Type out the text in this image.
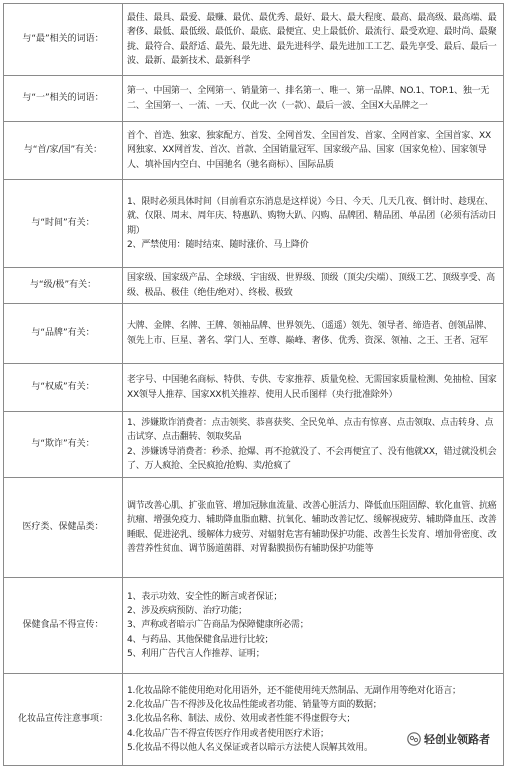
与“最”相关的词语：	最佳、最具、最爱、最赚、最优、最优秀、最好、最大、最大程度、最高、最高级、最高端、最奢侈、最低、最低级、最低价、最底、最便宜、史上最低价、最流行、最受欢迎、最时尚、最聚拢、最符合、最舒适、最先、最先进、最先进科学、最先进加工工艺、最先享受、最后、最后一波、最新、最新技术、最新科学

与“一”相关的词语：	第一、中国第一、全网第一、销量第一、排名第一、唯一、第一品牌、NO.1、TOP.1、独一无二、全国第一、一流、一天、仅此一次（一款）、最后一波、全国X大品牌之一

与“首/家/国”有关：	首个、首选、独家、独家配方、首发、全网首发、全国首发、首家、全网首家、全国首家、XX网独家、XX网首发、首次、首款、全国销量冠军、国家级产品、国家（国家免检）、国家领导人、填补国内空白、中国驰名（驰名商标）、国际品质

与“时间”有关：	1、限时必须具体时间（目前看京东消息是这样说）今日、今天、几天几夜、倒计时、趁现在、就、仅限、周末、周年庆、特惠趴、购物大趴、闪购、品牌团、精品团、单品团（必须有活动日期）
2、严禁使用：随时结束、随时涨价、马上降价

与“级/极”有关：	国家级、国家级产品、全球级、宇宙级、世界级、顶级（顶尖/尖端）、顶级工艺、顶级享受、高级、极品、极佳（绝佳/绝对）、终极、极致

与“品牌”有关：	大牌、金牌、名牌、王牌、领袖品牌、世界领先、（遥遥）领先、领导者、缔造者、创领品牌、领先上市、巨星、著名、掌门人、至尊、巅峰、奢侈、优秀、资深、领袖、之王、王者、冠军

与“权威”有关：	老字号、中国驰名商标、特供、专供、专家推荐、质量免检、无需国家质量检测、免抽检、国家XX领导人推荐、国家XX机关推荐、使用人民币图样（央行批准除外）

与“欺诈”有关：	1、涉嫌欺诈消费者：点击领奖、恭喜获奖、全民免单、点击有惊喜、点击领取、点击转身、点击试穿、点击翻转、领取奖品
2、涉嫌诱导消费者：秒杀、抢爆、再不抢就没了、不会再便宜了、没有他就XX，错过就没机会了、万人疯抢、全民疯抢/抢购、卖/抢疯了

医疗类、保健品类：	调节改善心肌、扩张血管、增加冠脉血流量、改善心脏活力、降低血压阻固醇、软化血管、抗癌抗瘤、增强免疫力、辅助降血脂血糖、抗氧化、辅助改善记忆、缓解视疲劳、辅助降血压、改善睡眠、促进泌乳、缓解体力疲劳、对辐射危害有辅助保护功能、改善生长发育、增加骨密度、改善营养性贫血、调节肠道菌群、对胃黏膜损伤有辅助保护功能等

保健食品不得宣传：	1、表示功效、安全性的断言或者保证；
2、涉及疾病预防、治疗功能；
3、声称或者暗示广告商品为保障健康所必需；
4、与药品、其他保健食品进行比较；
5、利用广告代言人作推荐、证明；

化妆品宣传注意事项：	1.化妆品除不能使用绝对化用语外，还不能使用纯天然制品、无副作用等绝对化语言；
2.化妆品广告不得涉及化妆品性能或者功能、销量等方面的数据；
3.化妆品名称、制法、成份、效用或者性能不得虚假夸大；
4.化妆品广告不得宣传医疗作用或者使用医疗术语；
5.化妆品不得以他人名义保证或者以暗示方法使人误解其效用。
轻创业领路者
